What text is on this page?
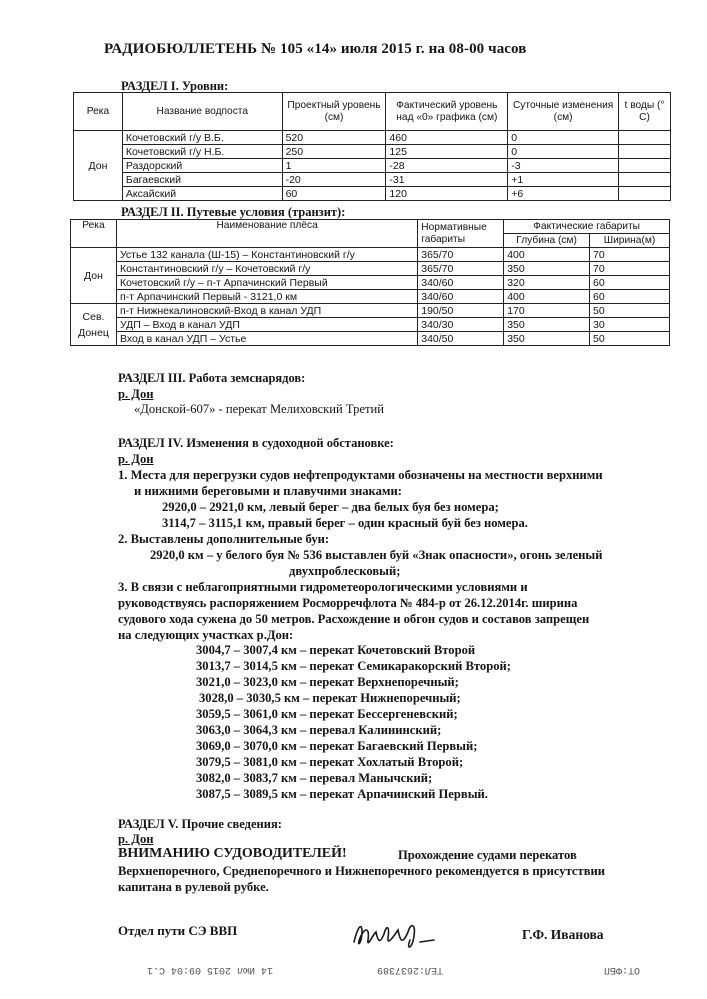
РАДИОБЮЛЛЕТЕНЬ № 105 «14» июля 2015 г. на 08-00 часов
РАЗДЕЛ I. Уровни:
Река	Название водпоста	Проектный уровень (см)	Фактический уровень над «0» графика (см)	Суточные изменения (см)	t воды (° С)
Дон	Кочетовский г/у В.Б.	520	460	0	
	Кочетовский г/у Н.Б.	250	125	0	
	Раздорский	1	-28	-3	
	Багаевский	-20	-31	+1	
	Аксайский	60	120	+6	
РАЗДЕЛ II. Путевые условия (транзит):
Река	Наименование плёса	Нормативные габариты	Фактические габариты	
			Глубина (см)	Ширина(м)
Дон	Устье 132 канала (Ш-15) – Константиновский г/у	365/70	400	70
	Константиновский г/у – Кочетовский г/у	365/70	350	70
	Кочетовский г/у – п-т Арпачинский Первый	340/60	320	60
	п-т Арпачинский Первый - 3121,0 км	340/60	400	60
Сев. Донец	п-т Нижнекалиновский-Вход в канал УДП	190/50	170	50
	УДП – Вход в канал УДП	340/30	350	30
	Вход в канал УДП – Устье	340/50	350	50
РАЗДЕЛ III. Работа земснарядов:
р. Дон
«Донской-607» - перекат Мелиховский Третий
РАЗДЕЛ IV. Изменения в судоходной обстановке:
р. Дон
1. Места для перегрузки судов нефтепродуктами обозначены на местности верхними
и нижними береговыми и плавучими знаками:
2920,0 – 2921,0 км, левый берег – два белых буя без номера;
3114,7 – 3115,1 км, правый берег – один красный буй без номера.
2. Выставлены дополнительные буи:
2920,0 км – у белого буя № 536 выставлен буй «Знак опасности», огонь зеленый
двухпроблесковый;
3. В связи с неблагоприятными гидрометеорологическими условиями и
руководствуясь распоряжением Росморречфлота № 484-р от 26.12.2014г. ширина
судового хода сужена до 50 метров. Расхождение и обгон судов и составов запрещен
на следующих участках р.Дон:
3004,7 – 3007,4 км – перекат Кочетовский Второй
3013,7 – 3014,5 км – перекат Семикаракорский Второй;
3021,0 – 3023,0 км – перекат Верхнепоречный;
3028,0 – 3030,5 км – перекат Нижнепоречный;
3059,5 – 3061,0 км – перекат Бессергеневский;
3063,0 – 3064,3 км – перевал Калининский;
3069,0 – 3070,0 км – перекат Багаевский Первый;
3079,5 – 3081,0 км – перекат Хохлатый Второй;
3082,0 – 3083,7 км – перевал Манычский;
3087,5 – 3089,5 км – перекат Арпачинский Первый.
РАЗДЕЛ V. Прочие сведения:
р. Дон
ВНИМАНИЮ СУДОВОДИТЕЛЕЙ!	Прохождение судами перекатов
Верхнепоречного, Среднепоречного и Нижнепоречного рекомендуется в присутствии
капитана в рулевой рубке.
Отдел пути СЭ ВВП	Г.Ф. Иванова
14 Июл 2015 09:04 С.1	ТЕЛ:2637389	ОТ:ФБП
